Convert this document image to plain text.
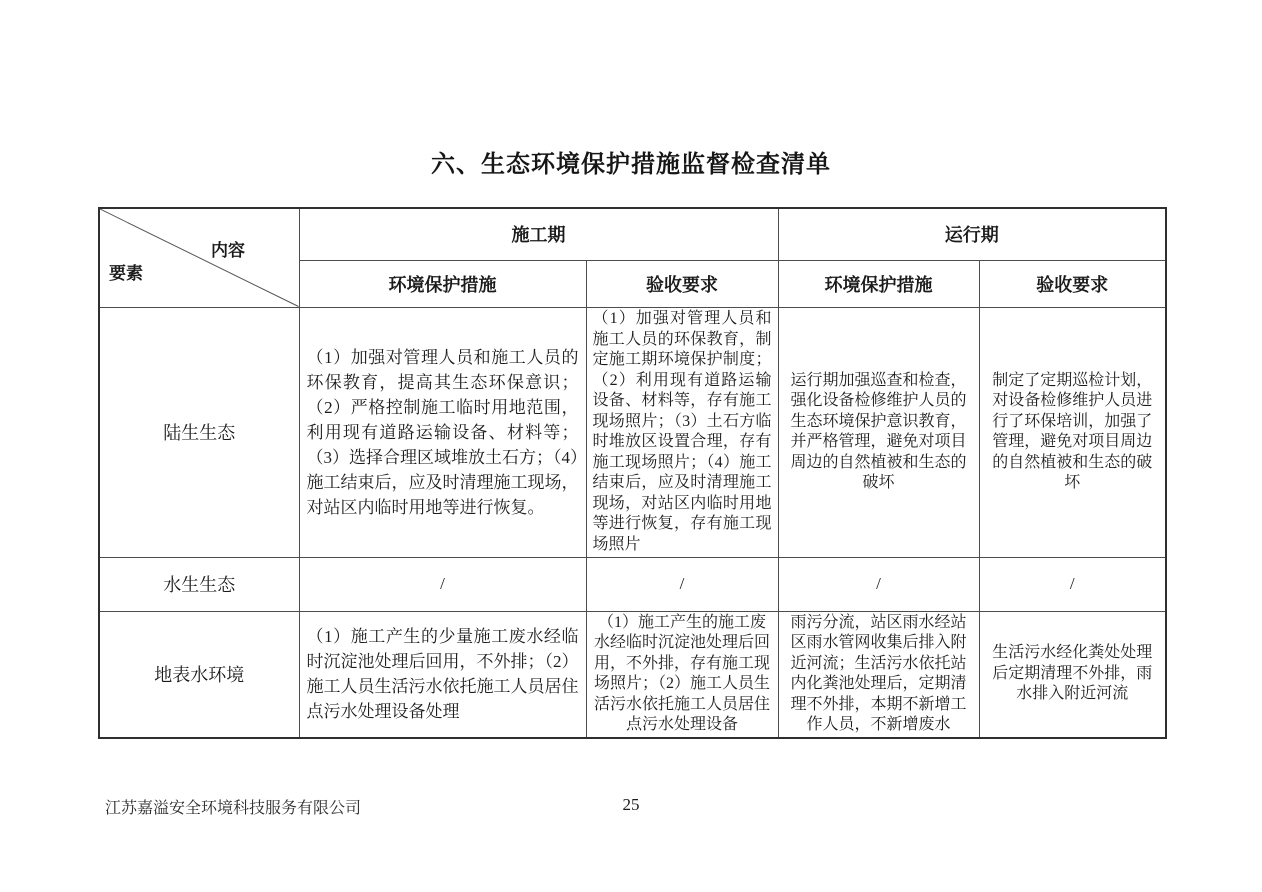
六、生态环境保护措施监督检查清单
内容
要素	施工期		运行期	
	环境保护措施	验收要求	环境保护措施	验收要求
陆生生态	（1）加强对管理人员和施工人员的环保教育，提高其生态环保意识；（2）严格控制施工临时用地范围，利用现有道路运输设备、材料等；（3）选择合理区域堆放土石方；（4）施工结束后，应及时清理施工现场，对站区内临时用地等进行恢复。	（1）加强对管理人员和施工人员的环保教育，制定施工期环境保护制度；（2）利用现有道路运输设备、材料等，存有施工现场照片；（3）土石方临时堆放区设置合理，存有施工现场照片；（4）施工结束后，应及时清理施工现场，对站区内临时用地等进行恢复，存有施工现场照片	运行期加强巡查和检查，强化设备检修维护人员的生态环境保护意识教育，并严格管理，避免对项目周边的自然植被和生态的破坏	制定了定期巡检计划，对设备检修维护人员进行了环保培训，加强了管理，避免对项目周边的自然植被和生态的破坏

水生生态	/	/	/	/

地表水环境	（1）施工产生的少量施工废水经临时沉淀池处理后回用，不外排；（2）施工人员生活污水依托施工人员居住点污水处理设备处理	（1）施工产生的施工废水经临时沉淀池处理后回用，不外排，存有施工现场照片；（2）施工人员生活污水依托施工人员居住点污水处理设备	雨污分流，站区雨水经站区雨水管网收集后排入附近河流；生活污水依托站内化粪池处理后，定期清理不外排，本期不新增工作人员，不新增废水	生活污水经化粪处处理后定期清理不外排，雨水排入附近河流
江苏嘉溢安全环境科技服务有限公司	25
